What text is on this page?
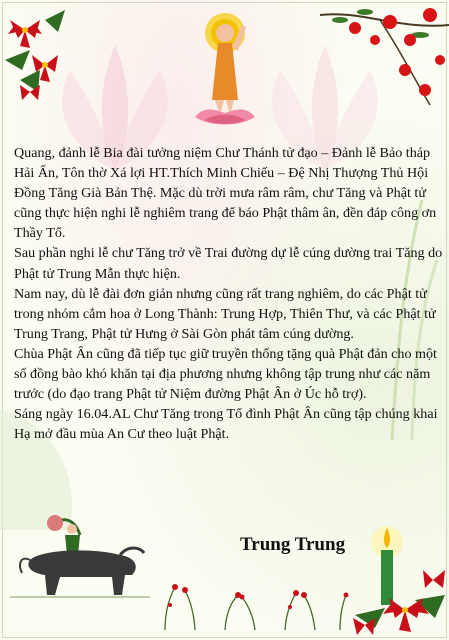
Quang, đảnh lễ Bia đài tưởng niệm Chư Thánh tử đạo – Đảnh lễ Bảo tháp Hải Ấn, Tôn thờ Xá lợi HT.Thích Minh Chiếu – Đệ Nhị Thượng Thủ Hội Đồng Tăng Già Bản Thệ. Mặc dù trời mưa râm râm, chư Tăng và Phật tử cũng thực hiện nghi lễ nghiêm trang để báo Phật thâm ân, đền đáp công ơn Thầy Tổ.

Sau phần nghi lễ chư Tăng trở về Trai đường dự lễ cúng dường trai Tăng do Phật tử Trung Mẫn thực hiện.

Nam nay, dù lễ đài đơn giản nhưng cũng rất trang nghiêm, do các Phật tử trong nhóm cắm hoa ở Long Thành: Trung Hợp, Thiên Thư, và các Phật tử Trung Trang, Phật tử Hưng ở Sài Gòn phát tâm cúng dường.

Chùa Phật Ân cũng đã tiếp tục giữ truyền thống tặng quà Phật đản cho một số đồng bào khó khăn tại địa phương nhưng không tập trung như các năm trước (do đạo trang Phật tử Niệm đường Phật Ân ở Úc hỗ trợ).

Sáng ngày 16.04.AL Chư Tăng trong Tổ đình Phật Ân cũng tập chúng khai Hạ mở đầu mùa An Cư theo luật Phật.

Trung Trung
